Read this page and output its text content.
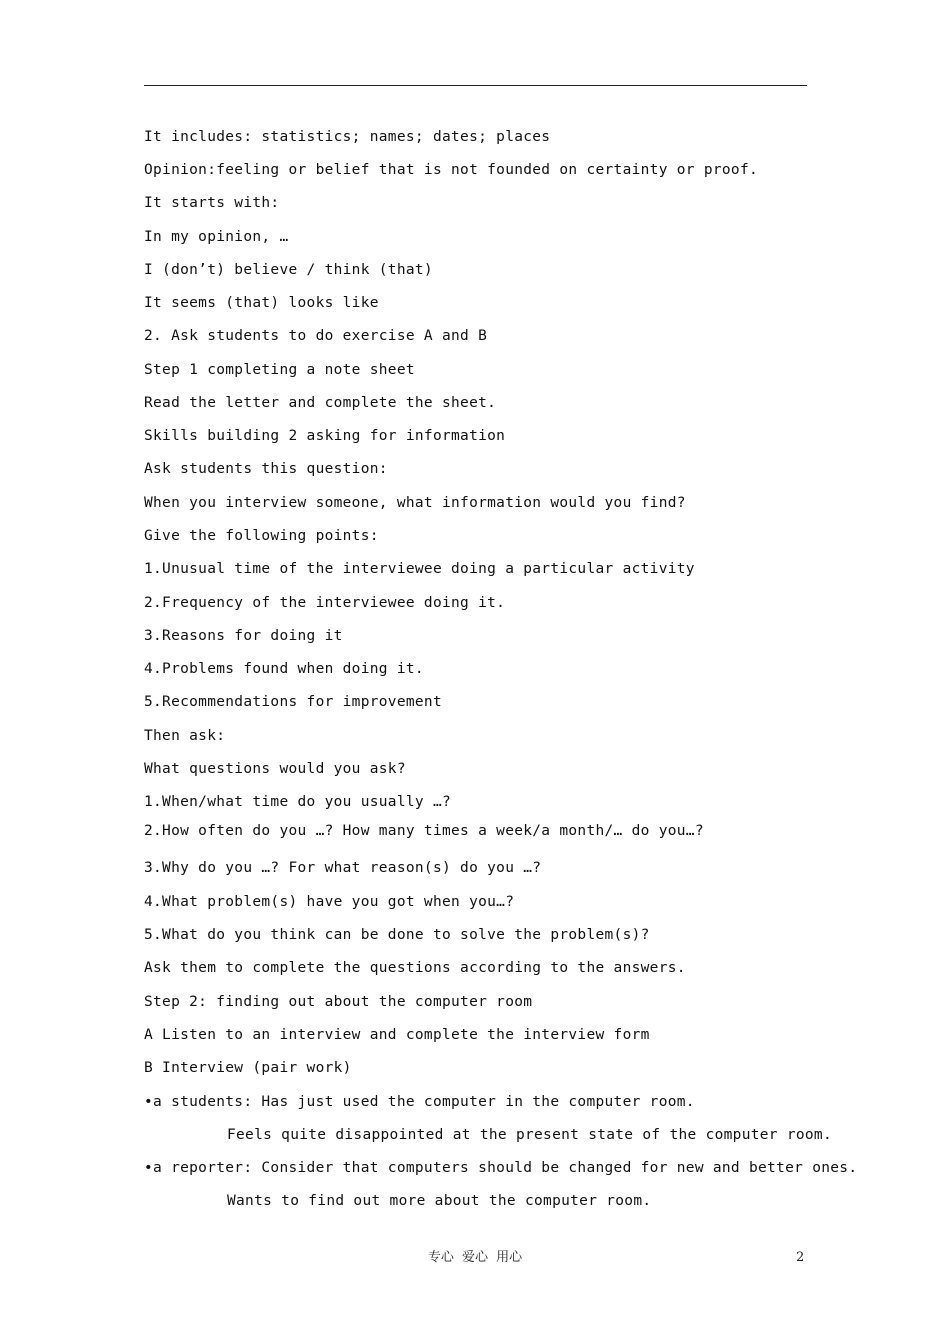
It includes: statistics; names; dates; places
Opinion:feeling or belief that is not founded on certainty or proof.
It starts with:
In my opinion, …
I (don’t) believe / think (that)
It seems (that) looks like
2. Ask students to do exercise A and B
Step 1 completing a note sheet
Read the letter and complete the sheet.
Skills building 2 asking for information
Ask students this question:
When you interview someone, what information would you find?
Give the following points:
1.Unusual time of the interviewee doing a particular activity
2.Frequency of the interviewee doing it.
3.Reasons for doing it
4.Problems found when doing it.
5.Recommendations for improvement
Then ask:
What questions would you ask?
1.When/what time do you usually …?
2.How often do you …? How many times a week/a month/… do you…?
3.Why do you …? For what reason(s) do you …?
4.What problem(s) have you got when you…?
5.What do you think can be done to solve the problem(s)?
Ask them to complete the questions according to the answers.
Step 2: finding out about the computer room
A Listen to an interview and complete the interview form
B Interview (pair work)
•a students: Has just used the computer in the computer room.
Feels quite disappointed at the present state of the computer room.
•a reporter: Consider that computers should be changed for new and better ones.
Wants to find out more about the computer room.
专心 爱心 用心	2
